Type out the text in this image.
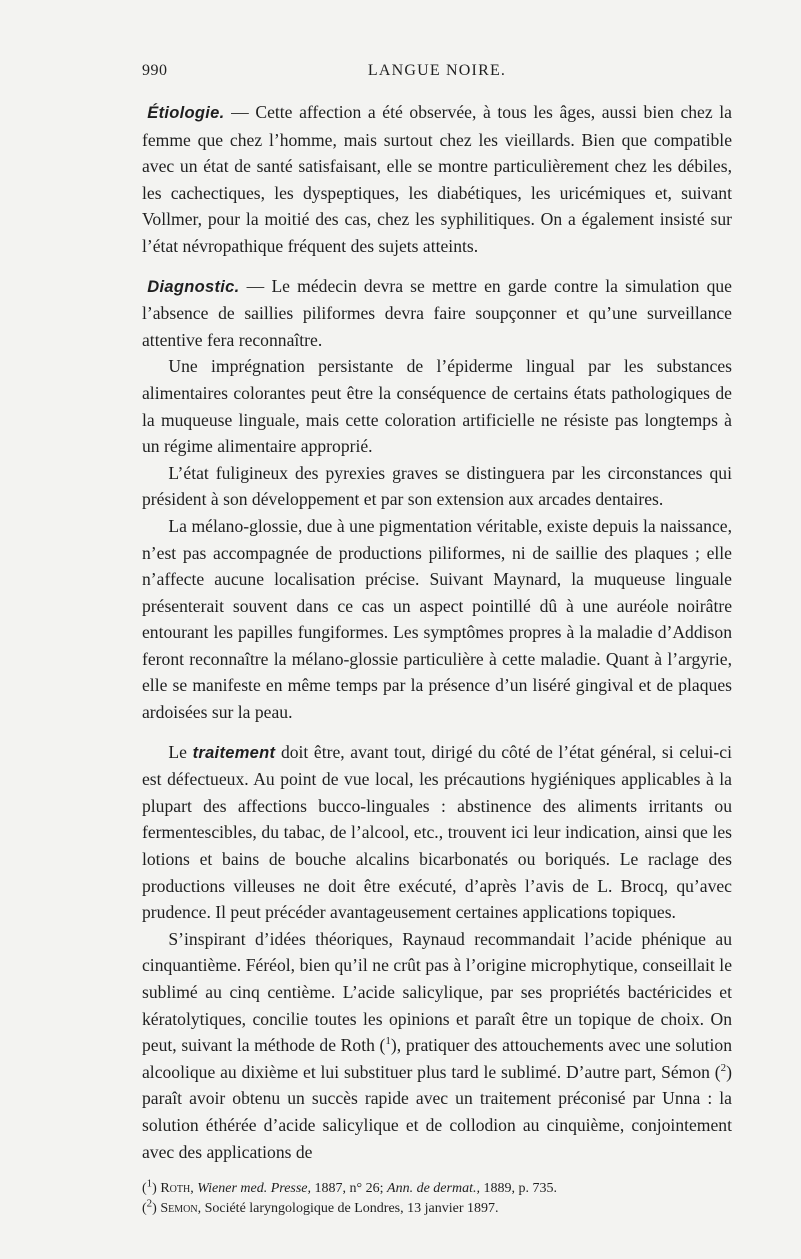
990	LANGUE NOIRE.

Étiologie. — Cette affection a été observée, à tous les âges, aussi bien chez la femme que chez l’homme, mais surtout chez les vieillards. Bien que compatible avec un état de santé satisfaisant, elle se montre particulièrement chez les débiles, les cachectiques, les dyspeptiques, les diabétiques, les uricémiques et, suivant Vollmer, pour la moitié des cas, chez les syphilitiques. On a également insisté sur l’état névropathique fréquent des sujets atteints.

Diagnostic. — Le médecin devra se mettre en garde contre la simulation que l’absence de saillies piliformes devra faire soupçonner et qu’une surveillance attentive fera reconnaître.

Une imprégnation persistante de l’épiderme lingual par les substances alimentaires colorantes peut être la conséquence de certains états pathologiques de la muqueuse linguale, mais cette coloration artificielle ne résiste pas longtemps à un régime alimentaire approprié.

L’état fuligineux des pyrexies graves se distinguera par les circonstances qui président à son développement et par son extension aux arcades dentaires.

La mélano-glossie, due à une pigmentation véritable, existe depuis la naissance, n’est pas accompagnée de productions piliformes, ni de saillie des plaques ; elle n’affecte aucune localisation précise. Suivant Maynard, la muqueuse linguale présenterait souvent dans ce cas un aspect pointillé dû à une auréole noirâtre entourant les papilles fungiformes. Les symptômes propres à la maladie d’Addison feront reconnaître la mélano-glossie particulière à cette maladie. Quant à l’argyrie, elle se manifeste en même temps par la présence d’un liséré gingival et de plaques ardoisées sur la peau.

Le traitement doit être, avant tout, dirigé du côté de l’état général, si celui-ci est défectueux. Au point de vue local, les précautions hygiéniques applicables à la plupart des affections bucco-linguales : abstinence des aliments irritants ou fermentescibles, du tabac, de l’alcool, etc., trouvent ici leur indication, ainsi que les lotions et bains de bouche alcalins bicarbonatés ou boriqués. Le raclage des productions villeuses ne doit être exécuté, d’après l’avis de L. Brocq, qu’avec prudence. Il peut précéder avantageusement certaines applications topiques.

S’inspirant d’idées théoriques, Raynaud recommandait l’acide phénique au cinquantième. Féréol, bien qu’il ne crût pas à l’origine microphytique, conseillait le sublimé au cinq centième. L’acide salicylique, par ses propriétés bactéricides et kératolytiques, concilie toutes les opinions et paraît être un topique de choix. On peut, suivant la méthode de Roth ($^1$), pratiquer des attouchements avec une solution alcoolique au dixième et lui substituer plus tard le sublimé. D’autre part, Sémon ($^2$) paraît avoir obtenu un succès rapide avec un traitement préconisé par Unna : la solution éthérée d’acide salicylique et de collodion au cinquième, conjointement avec des applications de

($^1$) Roth, Wiener med. Presse, 1887, n° 26; Ann. de dermat., 1889, p. 735.

($^2$) Semon, Société laryngologique de Londres, 13 janvier 1897.
